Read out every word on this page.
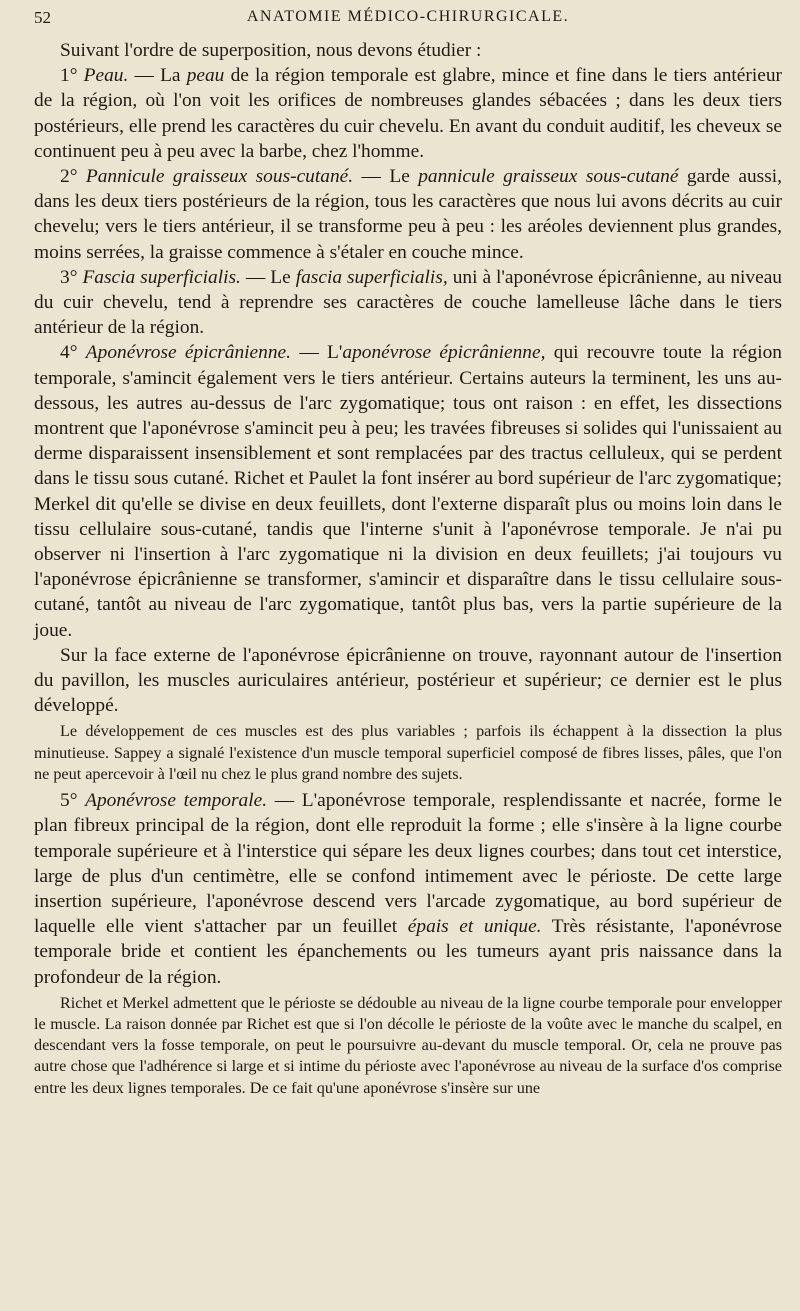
52	ANATOMIE MÉDICO-CHIRURGICALE.

Suivant l'ordre de superposition, nous devons étudier :

1° Peau. — La peau de la région temporale est glabre, mince et fine dans le tiers antérieur de la région, où l'on voit les orifices de nombreuses glandes sébacées ; dans les deux tiers postérieurs, elle prend les caractères du cuir chevelu. En avant du conduit auditif, les cheveux se continuent peu à peu avec la barbe, chez l'homme.

2° Pannicule graisseux sous-cutané. — Le pannicule graisseux sous-cutané garde aussi, dans les deux tiers postérieurs de la région, tous les caractères que nous lui avons décrits au cuir chevelu; vers le tiers antérieur, il se transforme peu à peu : les aréoles deviennent plus grandes, moins serrées, la graisse commence à s'étaler en couche mince.

3° Fascia superficialis. — Le fascia superficialis, uni à l'aponévrose épicrânienne, au niveau du cuir chevelu, tend à reprendre ses caractères de couche lamelleuse lâche dans le tiers antérieur de la région.

4° Aponévrose épicrânienne. — L'aponévrose épicrânienne, qui recouvre toute la région temporale, s'amincit également vers le tiers antérieur. Certains auteurs la terminent, les uns au-dessous, les autres au-dessus de l'arc zygomatique; tous ont raison : en effet, les dissections montrent que l'aponévrose s'amincit peu à peu; les travées fibreuses si solides qui l'unissaient au derme disparaissent insensiblement et sont remplacées par des tractus celluleux, qui se perdent dans le tissu sous cutané. Richet et Paulet la font insérer au bord supérieur de l'arc zygomatique; Merkel dit qu'elle se divise en deux feuillets, dont l'externe disparaît plus ou moins loin dans le tissu cellulaire sous-cutané, tandis que l'interne s'unit à l'aponévrose temporale. Je n'ai pu observer ni l'insertion à l'arc zygomatique ni la division en deux feuillets; j'ai toujours vu l'aponévrose épicrânienne se transformer, s'amincir et disparaître dans le tissu cellulaire sous-cutané, tantôt au niveau de l'arc zygomatique, tantôt plus bas, vers la partie supérieure de la joue.

Sur la face externe de l'aponévrose épicrânienne on trouve, rayonnant autour de l'insertion du pavillon, les muscles auriculaires antérieur, postérieur et supérieur; ce dernier est le plus développé.

Le développement de ces muscles est des plus variables ; parfois ils échappent à la dissection la plus minutieuse. Sappey a signalé l'existence d'un muscle temporal superficiel composé de fibres lisses, pâles, que l'on ne peut apercevoir à l'œil nu chez le plus grand nombre des sujets.

5° Aponévrose temporale. — L'aponévrose temporale, resplendissante et nacrée, forme le plan fibreux principal de la région, dont elle reproduit la forme ; elle s'insère à la ligne courbe temporale supérieure et à l'interstice qui sépare les deux lignes courbes; dans tout cet interstice, large de plus d'un centimètre, elle se confond intimement avec le périoste. De cette large insertion supérieure, l'aponévrose descend vers l'arcade zygomatique, au bord supérieur de laquelle elle vient s'attacher par un feuillet épais et unique. Très résistante, l'aponévrose temporale bride et contient les épanchements ou les tumeurs ayant pris naissance dans la profondeur de la région.

Richet et Merkel admettent que le périoste se dédouble au niveau de la ligne courbe temporale pour envelopper le muscle. La raison donnée par Richet est que si l'on décolle le périoste de la voûte avec le manche du scalpel, en descendant vers la fosse temporale, on peut le poursuivre au-devant du muscle temporal. Or, cela ne prouve pas autre chose que l'adhérence si large et si intime du périoste avec l'aponévrose au niveau de la surface d'os comprise entre les deux lignes temporales. De ce fait qu'une aponévrose s'insère sur une
